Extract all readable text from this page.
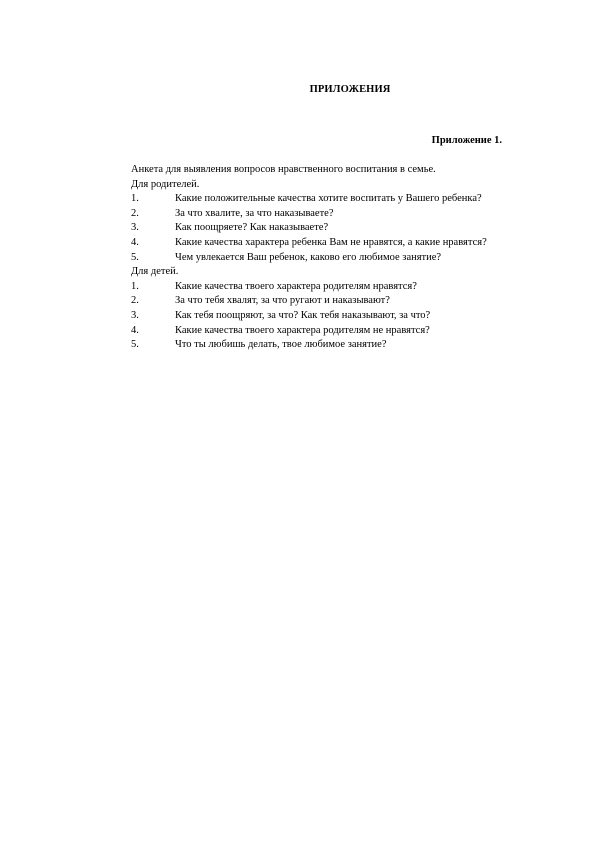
ПРИЛОЖЕНИЯ
Приложение 1.
Анкета для выявления вопросов нравственного воспитания в семье.
Для родителей.
1.	Какие положительные качества хотите воспитать у Вашего ребенка?
2.	За что хвалите, за что наказываете?
3.	Как поощряете? Как наказываете?
4.	Какие качества характера ребенка Вам не нравятся, а какие нравятся?
5.	Чем увлекается Ваш ребенок, каково его любимое занятие?
Для детей.
1.	Какие качества твоего характера родителям нравятся?
2.	За что тебя хвалят, за что ругают и наказывают?
3.	Как тебя поощряют, за что? Как тебя наказывают, за что?
4.	Какие качества твоего характера родителям не нравятся?
5.	Что ты любишь делать, твое любимое занятие?
